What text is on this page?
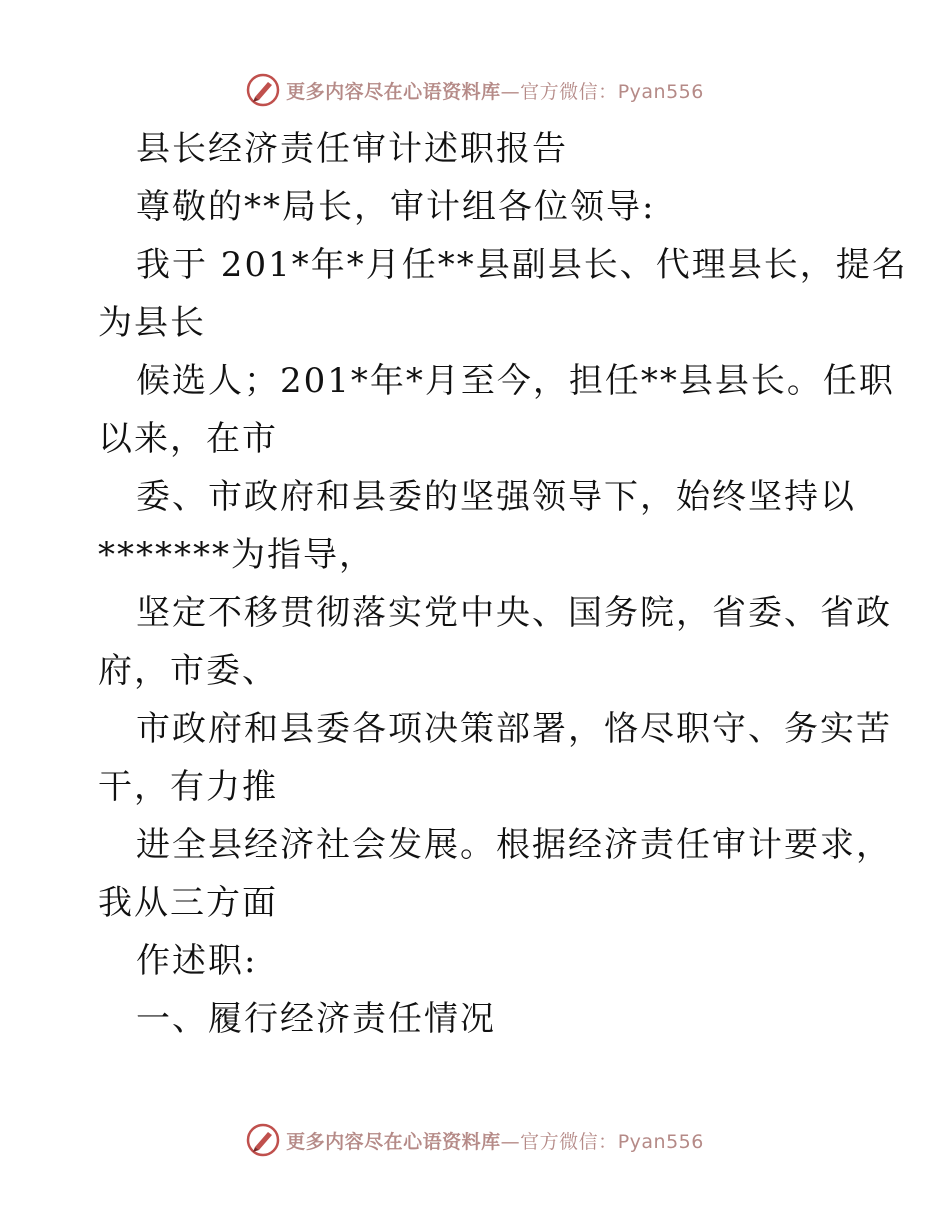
更多内容尽在心语资料库—官方微信：Pyan556
县长经济责任审计述职报告
尊敬的**局长，审计组各位领导:
我于 201*年*月任**县副县长、代理县长，提名
为县长
候选人；201*年*月至今，担任**县县长。任职
以来，在市
委、市政府和县委的坚强领导下，始终坚持以
*******为指导，
坚定不移贯彻落实党中央、国务院，省委、省政
府，市委、
市政府和县委各项决策部署，恪尽职守、务实苦
干，有力推
进全县经济社会发展。根据经济责任审计要求，
我从三方面
作述职:
一、履行经济责任情况
更多内容尽在心语资料库—官方微信：Pyan556
